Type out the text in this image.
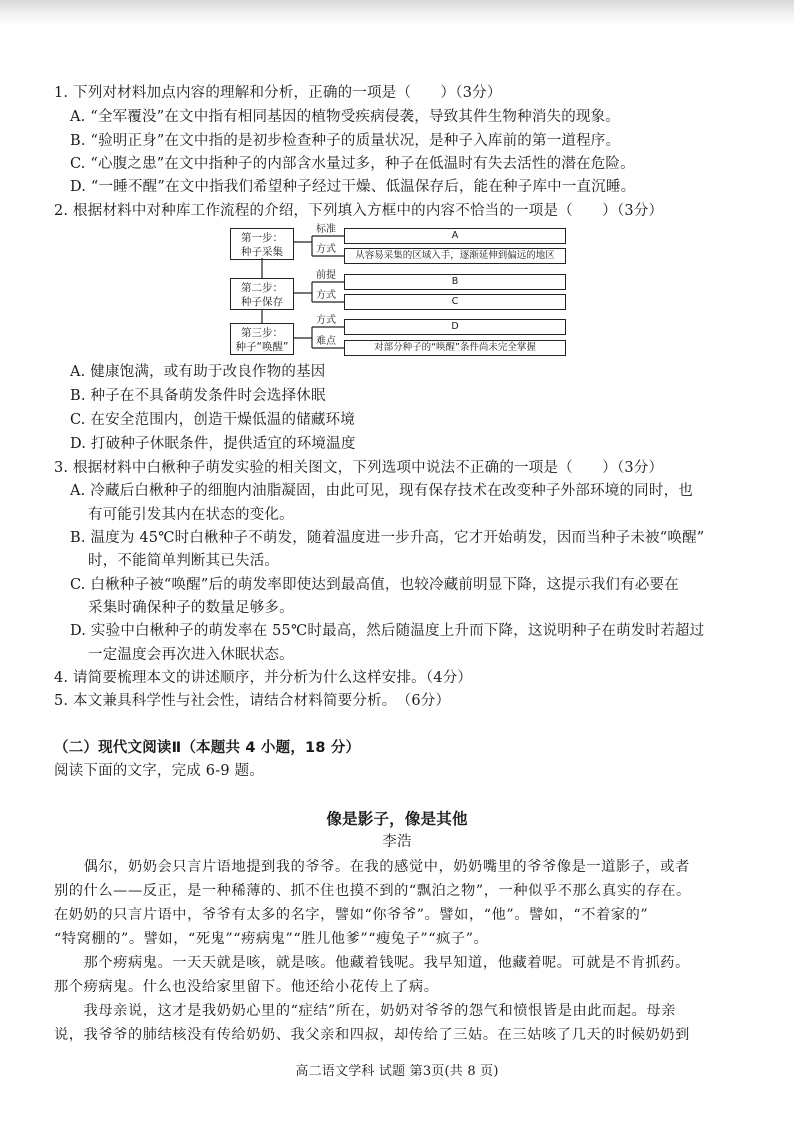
1. 下列对材料加点内容的理解和分析，正确的一项是（　　）（3分）
A. “全军覆没”在文中指有相同基因的植物受疾病侵袭，导致其件生物种消失的现象。
B. “验明正身”在文中指的是初步检查种子的质量状况，是种子入库前的第一道程序。
C. “心腹之患”在文中指种子的内部含水量过多，种子在低温时有失去活性的潜在危险。
D. “一睡不醒”在文中指我们希望种子经过干燥、低温保存后，能在种子库中一直沉睡。
2. 根据材料中对种库工作流程的介绍，下列填入方框中的内容不恰当的一项是（　　）（3分）
第一步：
种子采集
第二步：
种子保存
第三步：
种子“唤醒”
标准
方式
前提
方式
方式
难点
A
从容易采集的区域入手，逐渐延伸到偏远的地区
B
C
D
对部分种子的“唤醒”条件尚未完全掌握
A. 健康饱满，或有助于改良作物的基因
B. 种子在不具备萌发条件时会选择休眠
C. 在安全范围内，创造干燥低温的储藏环境
D. 打破种子休眠条件，提供适宜的环境温度
3. 根据材料中白楸种子萌发实验的相关图文，下列选项中说法不正确的一项是（　　）（3分）
A. 冷藏后白楸种子的细胞内油脂凝固，由此可见，现有保存技术在改变种子外部环境的同时，也
有可能引发其内在状态的变化。
B. 温度为 45℃时白楸种子不萌发，随着温度进一步升高，它才开始萌发，因而当种子未被“唤醒”
时，不能简单判断其已失活。
C. 白楸种子被“唤醒”后的萌发率即使达到最高值，也较冷藏前明显下降，这提示我们有必要在
采集时确保种子的数量足够多。
D. 实验中白楸种子的萌发率在 55℃时最高，然后随温度上升而下降，这说明种子在萌发时若超过
一定温度会再次进入休眠状态。
4. 请简要梳理本文的讲述顺序，并分析为什么这样安排。（4分）
5. 本文兼具科学性与社会性，请结合材料简要分析。　（6分）
（二）现代文阅读Ⅱ（本题共 4 小题，18 分）
阅读下面的文字，完成 6-9 题。
像是影子，像是其他
李浩
　　偶尔，奶奶会只言片语地提到我的爷爷。在我的感觉中，奶奶嘴里的爷爷像是一道影子，或者
别的什么——反正，是一种稀薄的、抓不住也摸不到的“飘泊之物”，一种似乎不那么真实的存在。
在奶奶的只言片语中，爷爷有太多的名字，譬如“你爷爷”。譬如，“他”。譬如，“不着家的”
“特窝棚的”。譬如，“死鬼”“痨病鬼”“胜儿他爹”“瘦兔子”“疯子”。
　　那个痨病鬼。一天天就是咳，就是咳。他藏着钱呢。我早知道，他藏着呢。可就是不肯抓药。
那个痨病鬼。什么也没给家里留下。他还给小花传上了病。
　　我母亲说，这才是我奶奶心里的“症结”所在，奶奶对爷爷的怨气和愤恨皆是由此而起。母亲
说，我爷爷的肺结核没有传给奶奶、我父亲和四叔，却传给了三姑。在三姑咳了几天的时候奶奶到
高二语文学科 试题 第3页(共 8 页)
